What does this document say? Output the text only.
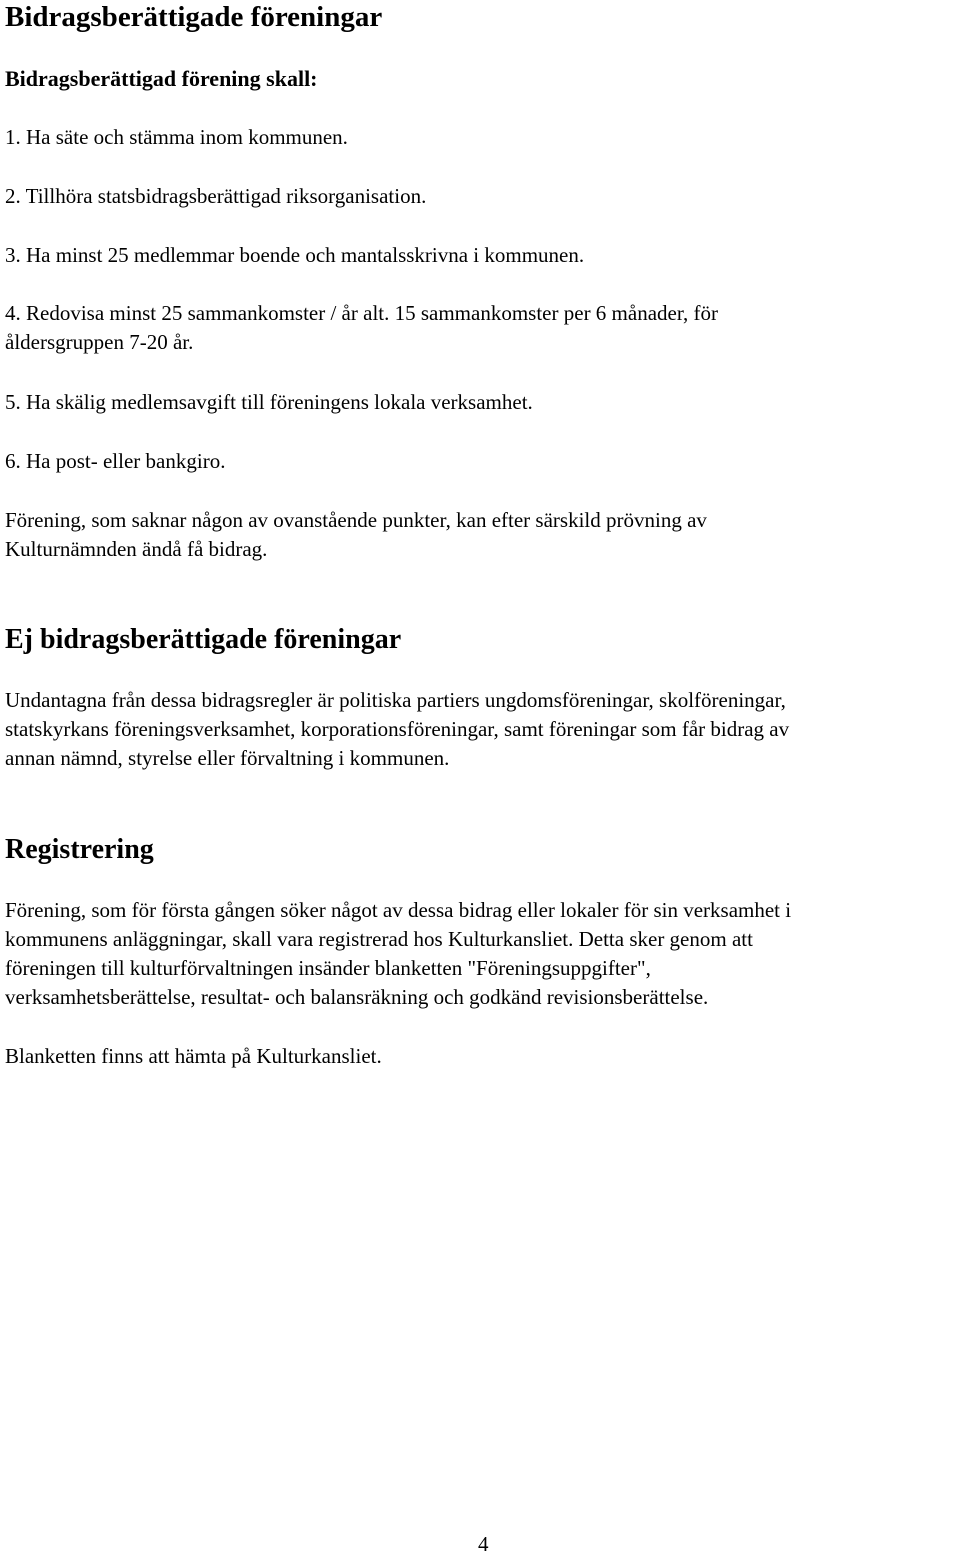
Bidragsberättigade föreningar
Bidragsberättigad förening skall:
1. Ha säte och stämma inom kommunen.
2. Tillhöra statsbidragsberättigad riksorganisation.
3. Ha minst 25 medlemmar boende och mantalsskrivna i kommunen.
4. Redovisa minst 25 sammankomster / år alt. 15 sammankomster per 6 månader, för
åldersgruppen 7-20 år.
5. Ha skälig medlemsavgift till föreningens lokala verksamhet.
6. Ha post- eller bankgiro.
Förening, som saknar någon av ovanstående punkter, kan efter särskild prövning av
Kulturnämnden ändå få bidrag.
Ej bidragsberättigade föreningar
Undantagna från dessa bidragsregler är politiska partiers ungdomsföreningar, skolföreningar,
statskyrkans föreningsverksamhet, korporationsföreningar, samt föreningar som får bidrag av
annan nämnd, styrelse eller förvaltning i kommunen.
Registrering
Förening, som för första gången söker något av dessa bidrag eller lokaler för sin verksamhet i
kommunens anläggningar, skall vara registrerad hos Kulturkansliet. Detta sker genom att
föreningen till kulturförvaltningen insänder blanketten "Föreningsuppgifter",
verksamhetsberättelse, resultat- och balansräkning och godkänd revisionsberättelse.
Blanketten finns att hämta på Kulturkansliet.
4
